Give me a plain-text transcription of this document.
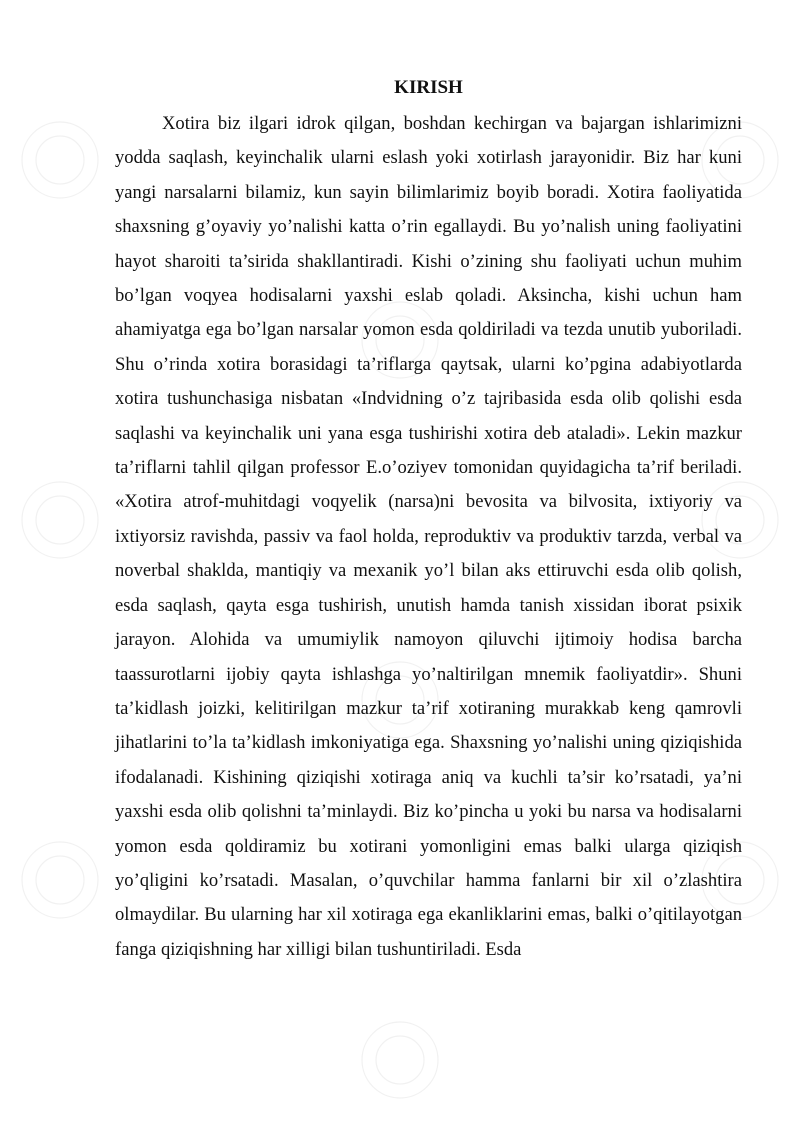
KIRISH

Xotira biz ilgari idrok qilgan, boshdan kechirgan va bajargan ishlarimizni yodda saqlash, keyinchalik ularni eslash yoki xotirlash jarayonidir. Biz har kuni yangi narsalarni bilamiz, kun sayin bilimlarimiz boyib boradi. Xotira faoliyatida shaxsning g’oyaviy yo’nalishi katta o’rin egallaydi. Bu yo’nalish uning faoliyatini hayot sharoiti ta’sirida shakllantiradi. Kishi o’zining shu faoliyati uchun muhim bo’lgan voqyea hodisalarni yaxshi eslab qoladi. Aksincha, kishi uchun ham ahamiyatga ega bo’lgan narsalar yomon esda qoldiriladi va tezda unutib yuboriladi. Shu o’rinda xotira borasidagi ta’riflarga qaytsak, ularni ko’pgina adabiyotlarda xotira tushunchasiga nisbatan «Indvidning o’z tajribasida esda olib qolishi esda saqlashi va keyinchalik uni yana esga tushirishi xotira deb ataladi». Lekin mazkur ta’riflarni tahlil qilgan professor E.o’oziyev tomonidan quyidagicha ta’rif beriladi. «Xotira atrof-muhitdagi voqyelik (narsa)ni bevosita va bilvosita, ixtiyoriy va ixtiyorsiz ravishda, passiv va faol holda, reproduktiv va produktiv tarzda, verbal va noverbal shaklda, mantiqiy va mexanik yo’l bilan aks ettiruvchi esda olib qolish, esda saqlash, qayta esga tushirish, unutish hamda tanish xissidan iborat psixik jarayon. Alohida va umumiylik namoyon qiluvchi ijtimoiy hodisa barcha taassurotlarni ijobiy qayta ishlashga yo’naltirilgan mnemik faoliyatdir». Shuni ta’kidlash joizki, kelitirilgan mazkur ta’rif xotiraning murakkab keng qamrovli jihatlarini to’la ta’kidlash imkoniyatiga ega. Shaxsning yo’nalishi uning qiziqishida ifodalanadi. Kishining qiziqishi xotiraga aniq va kuchli ta’sir ko’rsatadi, ya’ni yaxshi esda olib qolishni ta’minlaydi. Biz ko’pincha u yoki bu narsa va hodisalarni yomon esda qoldiramiz bu xotirani yomonligini emas balki ularga qiziqish yo’qligini ko’rsatadi. Masalan, o’quvchilar hamma fanlarni bir xil o’zlashtira olmaydilar. Bu ularning har xil xotiraga ega ekanliklarini emas, balki o’qitilayotgan fanga qiziqishning har xilligi bilan tushuntiriladi. Esda
